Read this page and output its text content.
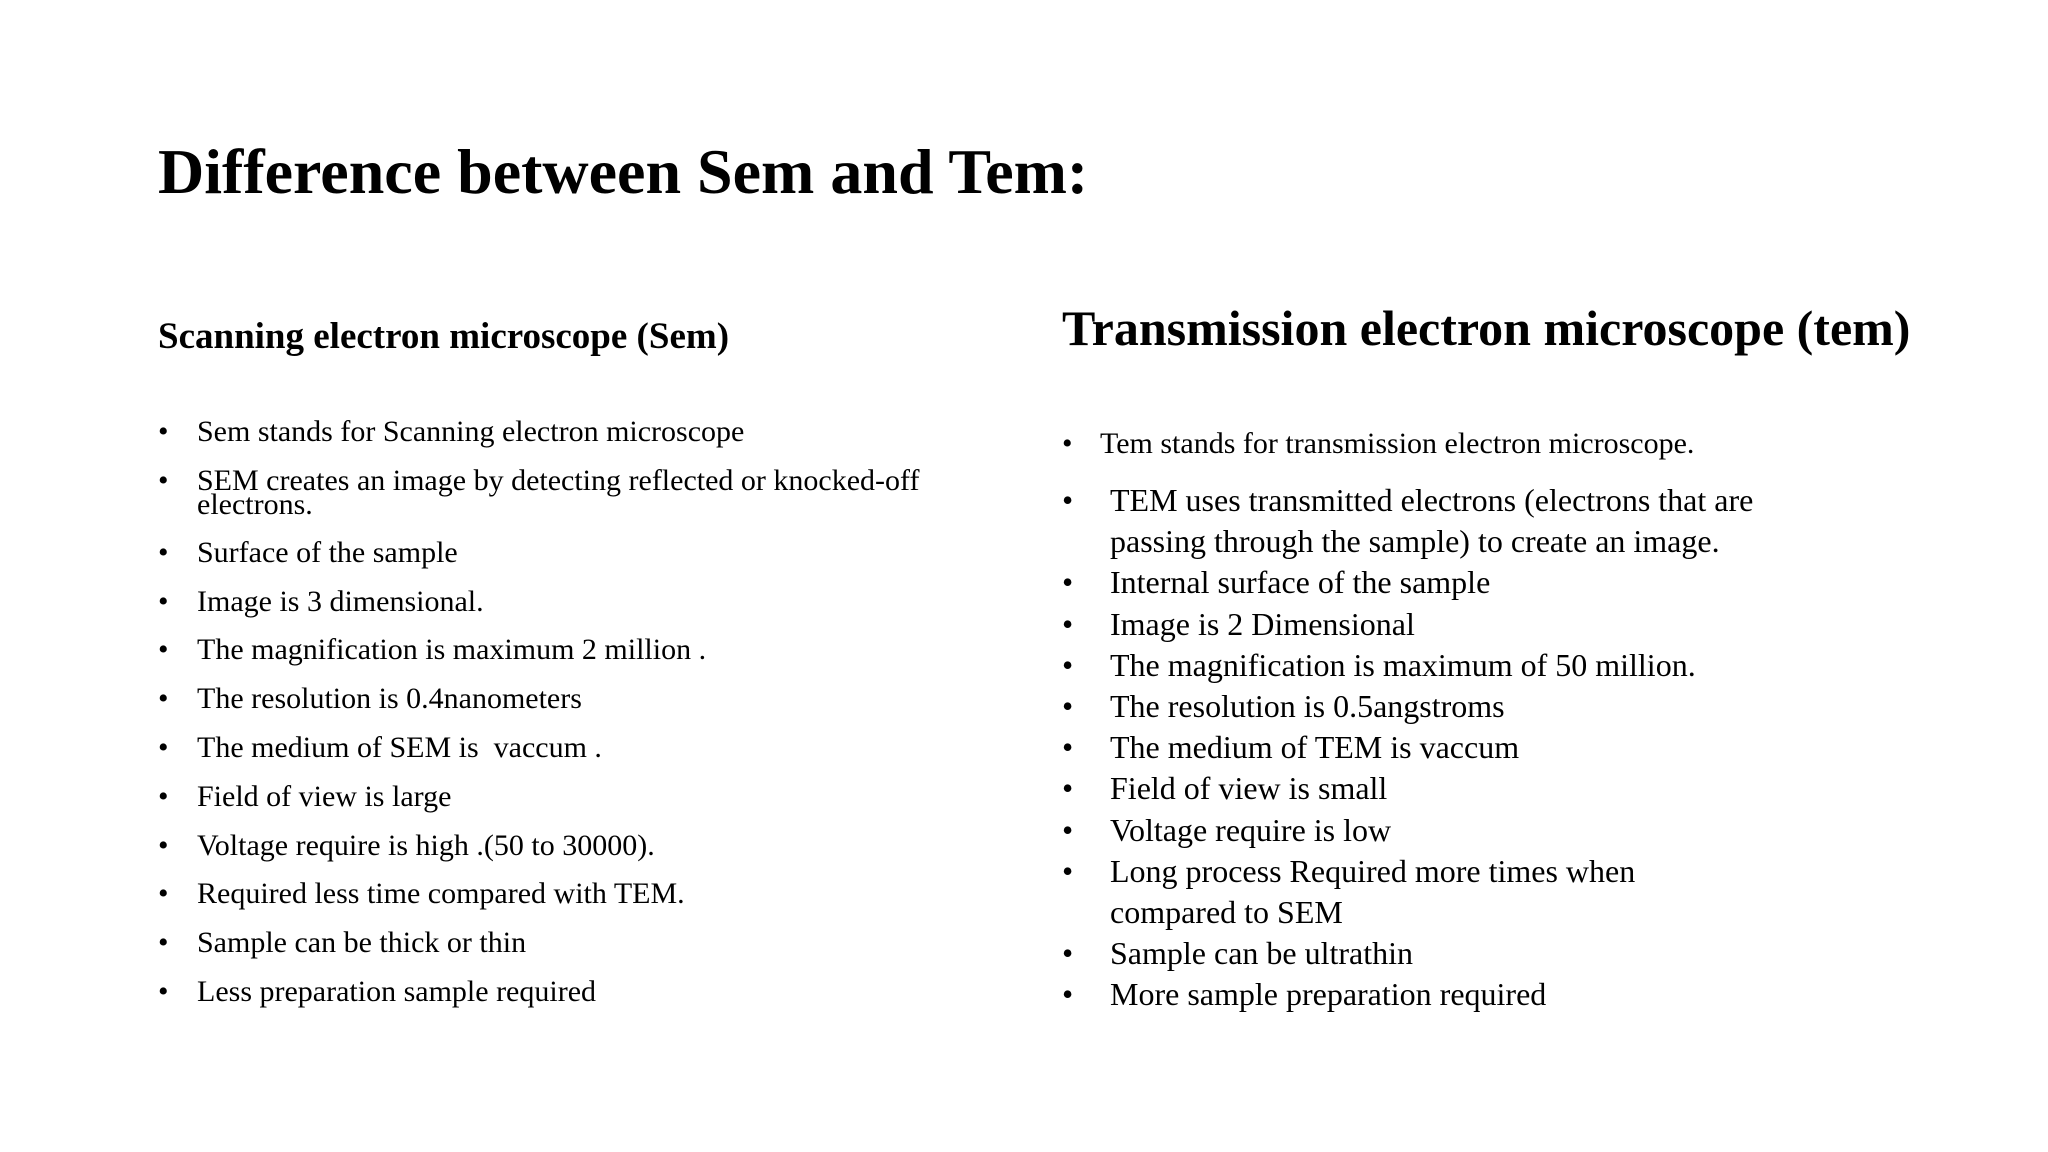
Difference between Sem and Tem:
Scanning electron microscope (Sem)
• Sem stands for Scanning electron microscope
• SEM creates an image by detecting reflected or knocked-off electrons.
• Surface of the sample
• Image is 3 dimensional.
• The magnification is maximum 2 million .
• The resolution is 0.4nanometers
• The medium of SEM is  vaccum .
• Field of view is large
• Voltage require is high .(50 to 30000).
• Required less time compared with TEM.
• Sample can be thick or thin
• Less preparation sample required
Transmission electron microscope (tem)
• Tem stands for transmission electron microscope.
• TEM uses transmitted electrons (electrons that are passing through the sample) to create an image.
• Internal surface of the sample
• Image is 2 Dimensional
• The magnification is maximum of 50 million.
• The resolution is 0.5angstroms
• The medium of TEM is vaccum
• Field of view is small
• Voltage require is low
• Long process Required more times when compared to SEM
• Sample can be ultrathin
• More sample preparation required
